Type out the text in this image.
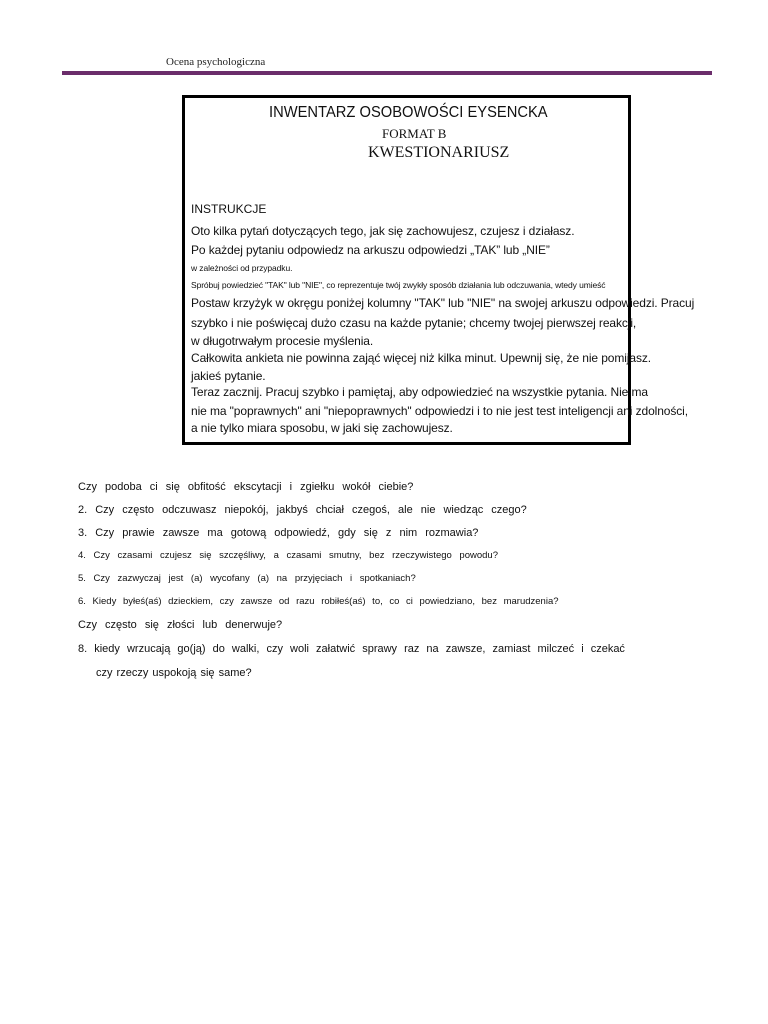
Ocena psychologiczna
INWENTARZ OSOBOWOŚCI EYSENCKA
FORMAT B
KWESTIONARIUSZ
INSTRUKCJE
Oto kilka pytań dotyczących tego, jak się zachowujesz, czujesz i działasz.
Po każdej pytaniu odpowiedz na arkuszu odpowiedzi „TAK” lub „NIE”
w zależności od przypadku.
Spróbuj powiedzieć "TAK" lub "NIE", co reprezentuje twój zwykły sposób działania lub odczuwania, wtedy umieść
Postaw krzyżyk w okręgu poniżej kolumny "TAK" lub "NIE" na swojej arkuszu odpowiedzi. Pracuj
szybko i nie poświęcaj dużo czasu na każde pytanie; chcemy twojej pierwszej reakcji,
w długotrwałym procesie myślenia.
Całkowita ankieta nie powinna zająć więcej niż kilka minut. Upewnij się, że nie pomijasz.
jakieś pytanie.
Teraz zacznij. Pracuj szybko i pamiętaj, aby odpowiedzieć na wszystkie pytania. Nie ma
nie ma "poprawnych" ani "niepoprawnych" odpowiedzi i to nie jest test inteligencji ani zdolności,
a nie tylko miara sposobu, w jaki się zachowujesz.
Czy podoba ci się obfitość ekscytacji i zgiełku wokół ciebie?
2. Czy często odczuwasz niepokój, jakbyś chciał czegoś, ale nie wiedząc czego?
3. Czy prawie zawsze ma gotową odpowiedź, gdy się z nim rozmawia?
4. Czy czasami czujesz się szczęśliwy, a czasami smutny, bez rzeczywistego powodu?
5. Czy zazwyczaj jest (a) wycofany (a) na przyjęciach i spotkaniach?
6. Kiedy byłeś(aś) dzieckiem, czy zawsze od razu robiłeś(aś) to, co ci powiedziano, bez marudzenia?
Czy często się złości lub denerwuje?
8. kiedy wrzucają go(ją) do walki, czy woli załatwić sprawy raz na zawsze, zamiast milczeć i czekać
czy rzeczy uspokoją się same?
